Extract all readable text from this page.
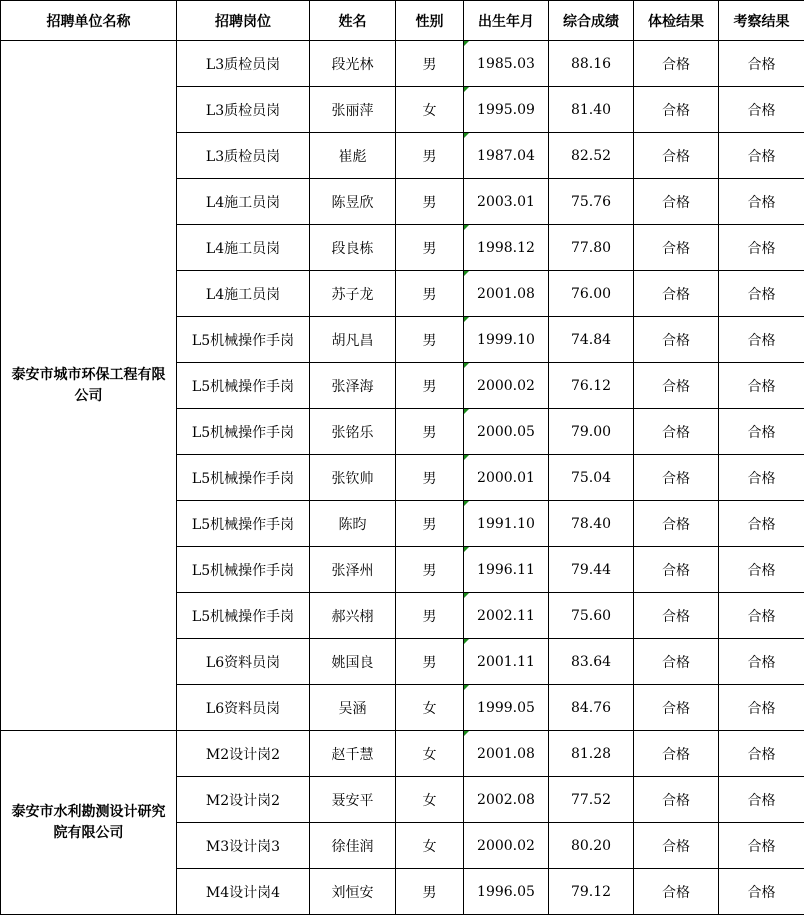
招聘单位名称	招聘岗位	姓名	性别	出生年月	综合成绩	体检结果	考察结果
泰安市城市环保工程有限公司	L3质检员岗	段光林	男	1985.03	88.16	合格	合格
	L3质检员岗	张丽萍	女	1995.09	81.40	合格	合格
	L3质检员岗	崔彪	男	1987.04	82.52	合格	合格
	L4施工员岗	陈昱欣	男	2003.01	75.76	合格	合格
	L4施工员岗	段良栋	男	1998.12	77.80	合格	合格
	L4施工员岗	苏子龙	男	2001.08	76.00	合格	合格
	L5机械操作手岗	胡凡昌	男	1999.10	74.84	合格	合格
	L5机械操作手岗	张泽海	男	2000.02	76.12	合格	合格
	L5机械操作手岗	张铭乐	男	2000.05	79.00	合格	合格
	L5机械操作手岗	张钦帅	男	2000.01	75.04	合格	合格
	L5机械操作手岗	陈昀	男	1991.10	78.40	合格	合格
	L5机械操作手岗	张泽州	男	1996.11	79.44	合格	合格
	L5机械操作手岗	郝兴栩	男	2002.11	75.60	合格	合格
	L6资料员岗	姚国良	男	2001.11	83.64	合格	合格
	L6资料员岗	吴涵	女	1999.05	84.76	合格	合格
泰安市水利勘测设计研究院有限公司	M2设计岗2	赵千慧	女	2001.08	81.28	合格	合格
	M2设计岗2	聂安平	女	2002.08	77.52	合格	合格
	M3设计岗3	徐佳润	女	2000.02	80.20	合格	合格
	M4设计岗4	刘恒安	男	1996.05	79.12	合格	合格
